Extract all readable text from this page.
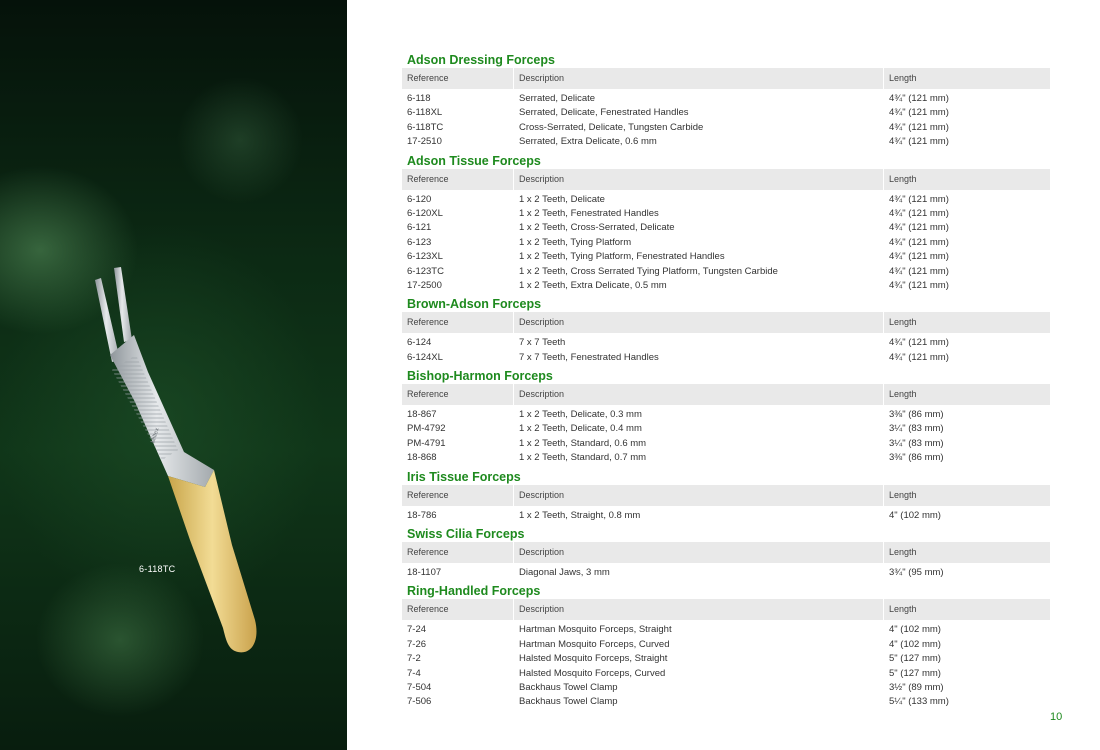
Miltex
6-118TC
Adson Dressing Forceps
Reference	Description	Length
6-118	Serrated, Delicate	4¾" (121 mm)
6-118XL	Serrated, Delicate, Fenestrated Handles	4¾" (121 mm)
6-118TC	Cross-Serrated, Delicate, Tungsten Carbide	4¾" (121 mm)
17-2510	Serrated, Extra Delicate, 0.6 mm	4¾" (121 mm)
Adson Tissue Forceps
Reference	Description	Length
6-120	1 x 2 Teeth, Delicate	4¾" (121 mm)
6-120XL	1 x 2 Teeth, Fenestrated Handles	4¾" (121 mm)
6-121	1 x 2 Teeth, Cross-Serrated, Delicate	4¾" (121 mm)
6-123	1 x 2 Teeth, Tying Platform	4¾" (121 mm)
6-123XL	1 x 2 Teeth, Tying Platform, Fenestrated Handles	4¾" (121 mm)
6-123TC	1 x 2 Teeth, Cross Serrated Tying Platform, Tungsten Carbide	4¾" (121 mm)
17-2500	1 x 2 Teeth, Extra Delicate, 0.5 mm	4¾" (121 mm)
Brown-Adson Forceps
Reference	Description	Length
6-124	7 x 7 Teeth	4¾" (121 mm)
6-124XL	7 x 7 Teeth, Fenestrated Handles	4¾" (121 mm)
Bishop-Harmon Forceps
Reference	Description	Length
18-867	1 x 2 Teeth, Delicate, 0.3 mm	3⅜" (86 mm)
PM-4792	1 x 2 Teeth, Delicate, 0.4 mm	3¼" (83 mm)
PM-4791	1 x 2 Teeth, Standard, 0.6 mm	3¼" (83 mm)
18-868	1 x 2 Teeth, Standard, 0.7 mm	3⅜" (86 mm)
Iris Tissue Forceps
Reference	Description	Length
18-786	1 x 2 Teeth, Straight, 0.8 mm	4" (102 mm)
Swiss Cilia Forceps
Reference	Description	Length
18-1107	Diagonal Jaws, 3 mm	3¾" (95 mm)
Ring-Handled Forceps
Reference	Description	Length
7-24	Hartman Mosquito Forceps, Straight	4" (102 mm)
7-26	Hartman Mosquito Forceps, Curved	4" (102 mm)
7-2	Halsted Mosquito Forceps, Straight	5" (127 mm)
7-4	Halsted Mosquito Forceps, Curved	5" (127 mm)
7-504	Backhaus Towel Clamp	3½" (89 mm)
7-506	Backhaus Towel Clamp	5¼" (133 mm)
10
